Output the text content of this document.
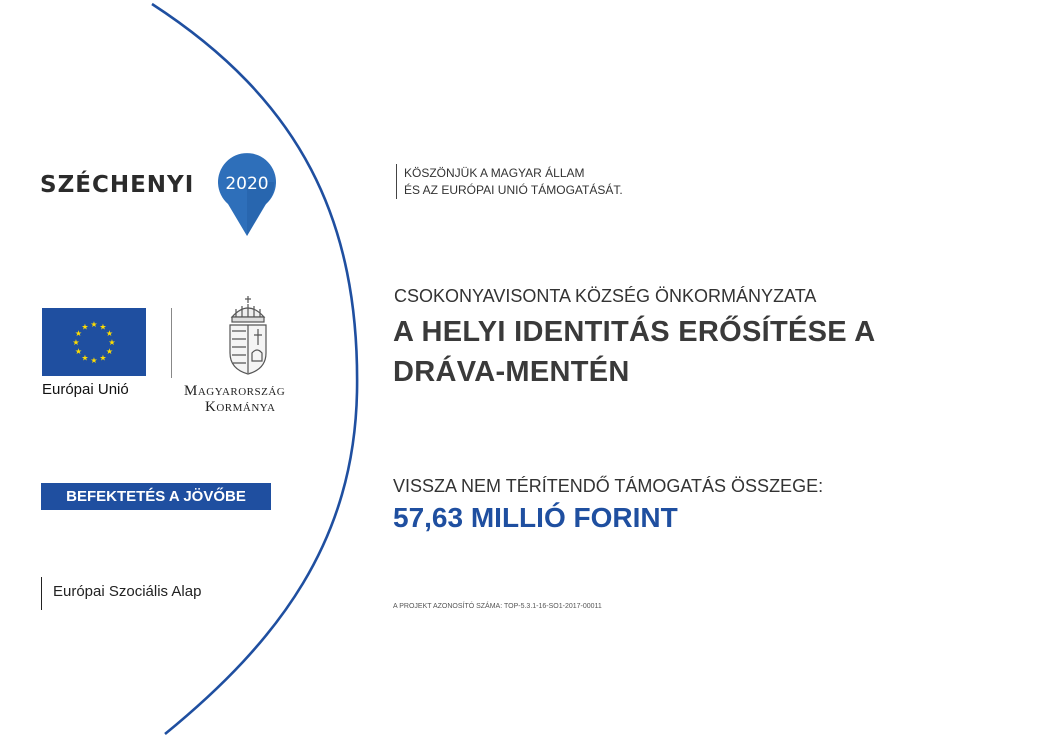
SZÉCHENYI 2020
★ ★
★
★
★
★
★
★
★
★
★
★
Európai Unió	Magyarország
Kormánya
BEFEKTETÉS A JÖVŐBE
Európai Szociális Alap
KÖSZÖNJÜK A MAGYAR ÁLLAM
ÉS AZ EURÓPAI UNIÓ TÁMOGATÁSÁT.
CSOKONYAVISONTA KÖZSÉG ÖNKORMÁNYZATA
A HELYI IDENTITÁS ERŐSÍTÉSE A
DRÁVA-MENTÉN
VISSZA NEM TÉRÍTENDŐ TÁMOGATÁS ÖSSZEGE:
57,63 MILLIÓ FORINT
A PROJEKT AZONOSÍTÓ SZÁMA: TOP-5.3.1-16-SO1-2017-00011
